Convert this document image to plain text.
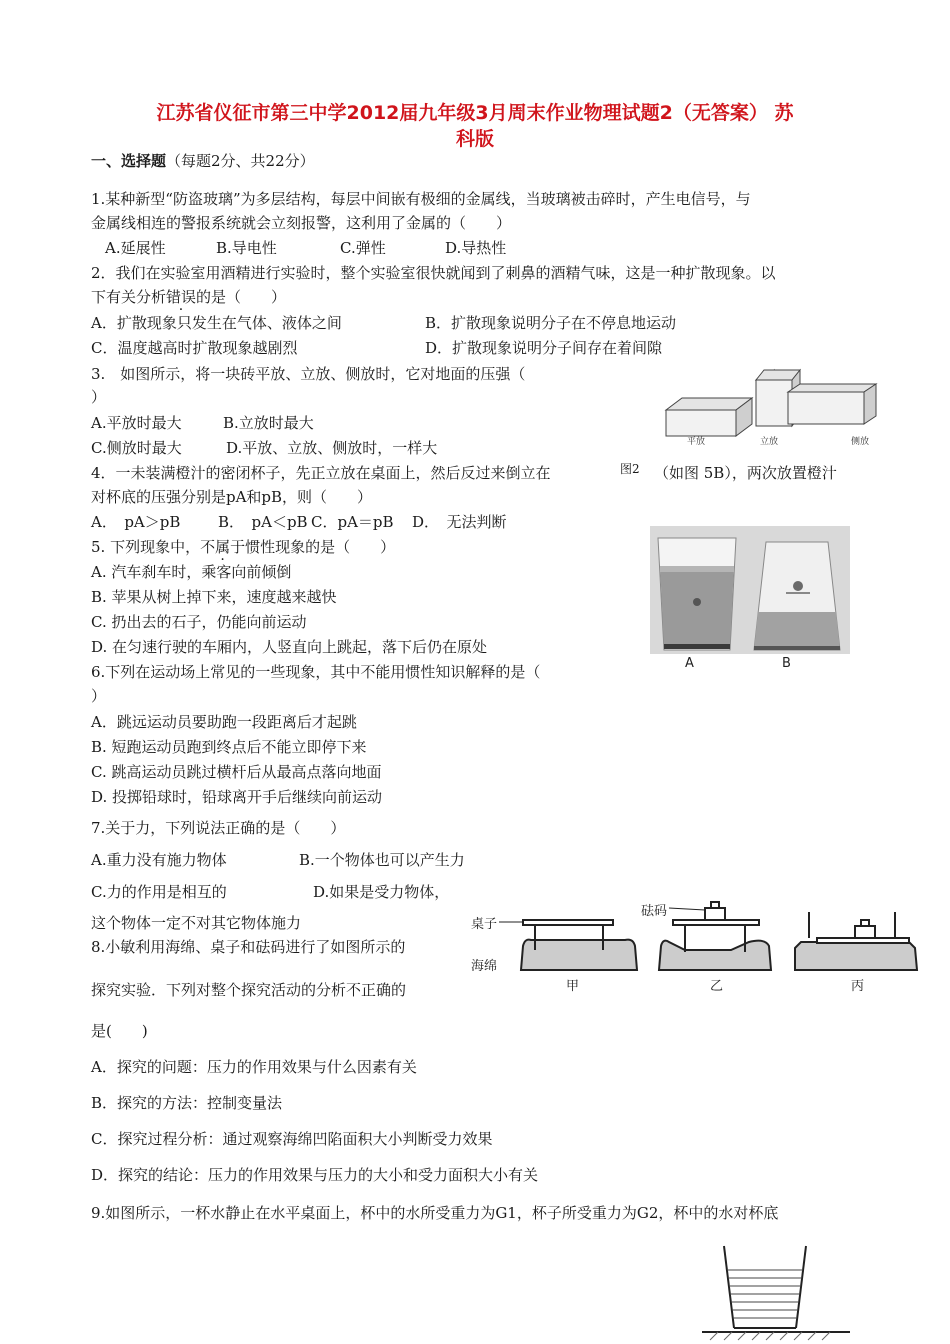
江苏省仪征市第三中学2012届九年级3月周末作业物理试题2（无答案） 苏
科版
一、选择题（每题2分、共22分）
1.某种新型“防盗玻璃”为多层结构，每层中间嵌有极细的金属线，当玻璃被击碎时，产生电信号，与
金属线相连的警报系统就会立刻报警，这利用了金属的（　　）
A.延展性	B.导电性	C.弹性	D.导热性
2．我们在实验室用酒精进行实验时，整个实验室很快就闻到了刺鼻的酒精气味，这是一种扩散现象。以
下有关分析错误的是（　　）
A．扩散现象只发生在气体、液体之间	B．扩散现象说明分子在不停息地运动
C．温度越高时扩散现象越剧烈	D．扩散现象说明分子间存在着间隙
3.　如图所示，将一块砖平放、立放、侧放时，它对地面的压强（
）
A.平放时最大	B.立放时最大
C.侧放时最大	D.平放、立放、侧放时，一样大	平放	立放	侧放
图2
4．一未装满橙汁的密闭杯子，先正立放在桌面上，然后反过来倒立在	（如图 5B），两次放置橙汁
对杯底的压强分别是pA和pB，则（　　）
A．　pA＞pB	B．　pA＜pB C．pA＝pB D．　无法判断
A	B
5. 下列现象中，不属于惯性现象的是（　　）
A. 汽车刹车时，乘客向前倾倒
B. 苹果从树上掉下来，速度越来越快
C. 扔出去的石子，仍能向前运动
D. 在匀速行驶的车厢内，人竖直向上跳起，落下后仍在原处
6.下列在运动场上常见的一些现象，其中不能用惯性知识解释的是（
）
A．跳远运动员要助跑一段距离后才起跳
B. 短跑运动员跑到终点后不能立即停下来
C. 跳高运动员跳过横杆后从最高点落向地面
D. 投掷铅球时，铅球离开手后继续向前运动
7.关于力，下列说法正确的是（　　）
A.重力没有施力物体	B.一个物体也可以产生力
C.力的作用是相互的	D.如果是受力物体，
这个物体一定不对其它物体施力
8.小敏利用海绵、桌子和砝码进行了如图所示的
探究实验．下列对整个探究活动的分析不正确的
是(　　)
A．探究的问题：压力的作用效果与什么因素有关
B．探究的方法：控制变量法
C．探究过程分析：通过观察海绵凹陷面积大小判断受力效果
D．探究的结论：压力的作用效果与压力的大小和受力面积大小有关
桌子
砝码
海绵
甲	乙	丙
9.如图所示，一杯水静止在水平桌面上，杯中的水所受重力为G1，杯子所受重力为G2，杯中的水对杯底
